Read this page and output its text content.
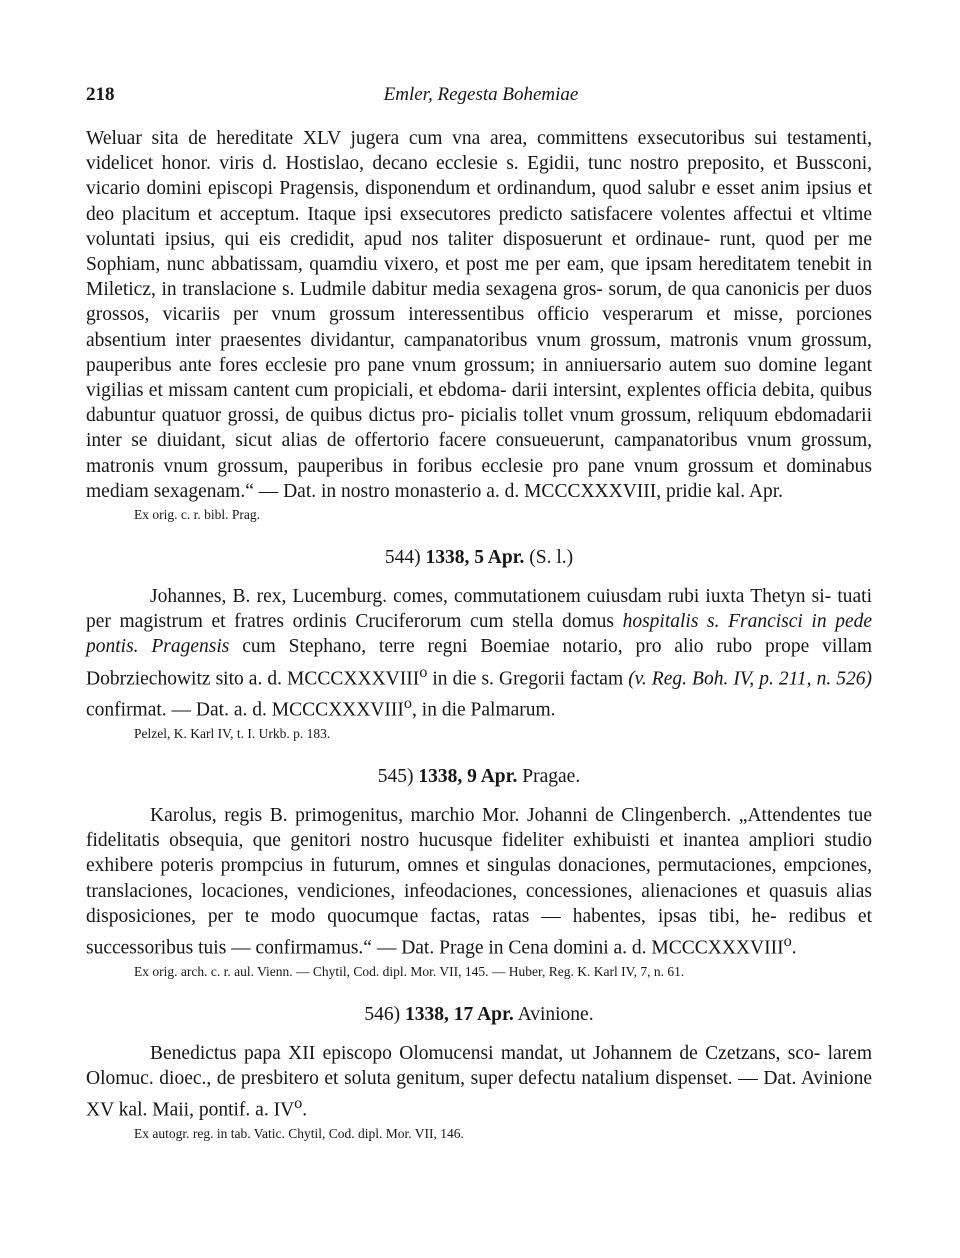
218	Emler, Regesta Bohemiae

Weluar sita de hereditate XLV jugera cum vna area, committens exsecutoribus sui testamenti, videlicet honor. viris d. Hostislao, decano ecclesie s. Egidii, tunc nostro preposito, et Bussconi, vicario domini episcopi Pragensis, disponendum et ordinandum, quod salubr e esset anim ipsius et deo placitum et acceptum. Itaque ipsi exsecutores predicto satisfacere volentes affectui et vltime voluntati ipsius, qui eis credidit, apud nos taliter disposuerunt et ordinaue- runt, quod per me Sophiam, nunc abbatissam, quamdiu vixero, et post me per eam, que ipsam hereditatem tenebit in Mileticz, in translacione s. Ludmile dabitur media sexagena gros- sorum, de qua canonicis per duos grossos, vicariis per vnum grossum interessentibus officio vesperarum et misse, porciones absentium inter praesentes dividantur, campanatoribus vnum grossum, matronis vnum grossum, pauperibus ante fores ecclesie pro pane vnum grossum; in anniuersario autem suo domine legant vigilias et missam cantent cum propiciali, et ebdoma- darii intersint, explentes officia debita, quibus dabuntur quatuor grossi, de quibus dictus pro- picialis tollet vnum grossum, reliquum ebdomadarii inter se diuidant, sicut alias de offertorio facere consueuerunt, campanatoribus vnum grossum, matronis vnum grossum, pauperibus in foribus ecclesie pro pane vnum grossum et dominabus mediam sexagenam.“ — Dat. in nostro monasterio a. d. MCCCXXXVIII, pridie kal. Apr.

Ex orig. c. r. bibl. Prag.
544) 1338, 5 Apr. (S. l.)

Johannes, B. rex, Lucemburg. comes, commutationem cuiusdam rubi iuxta Thetyn si- tuati per magistrum et fratres ordinis Cruciferorum cum stella domus hospitalis s. Francisci in pede pontis. Pragensis cum Stephano, terre regni Boemiae notario, pro alio rubo prope villam Dobrziechowitz sito a. d. MCCCXXXVIII$^o$ in die s. Gregorii factam (v. Reg. Boh. IV, p. 211, n. 526) confirmat. — Dat. a. d. MCCCXXXVIII$^o$, in die Palmarum.

Pelzel, K. Karl IV, t. I. Urkb. p. 183.
545) 1338, 9 Apr. Pragae.

Karolus, regis B. primogenitus, marchio Mor. Johanni de Clingenberch. „Attendentes tue fidelitatis obsequia, que genitori nostro hucusque fideliter exhibuisti et inantea ampliori studio exhibere poteris prompcius in futurum, omnes et singulas donaciones, permutaciones, empciones, translaciones, locaciones, vendiciones, infeodaciones, concessiones, alienaciones et quasuis alias disposiciones, per te modo quocumque factas, ratas — habentes, ipsas tibi, he- redibus et successoribus tuis — confirmamus.“ — Dat. Prage in Cena domini a. d. MCCCXXXVIII$^o$.

Ex orig. arch. c. r. aul. Vienn. — Chytil, Cod. dipl. Mor. VII, 145. — Huber, Reg. K. Karl IV, 7, n. 61.
546) 1338, 17 Apr. Avinione.

Benedictus papa XII episcopo Olomucensi mandat, ut Johannem de Czetzans, sco- larem Olomuc. dioec., de presbitero et soluta genitum, super defectu natalium dispenset. — Dat. Avinione XV kal. Maii, pontif. a. $IV^o$.

Ex autogr. reg. in tab. Vatic. Chytil, Cod. dipl. Mor. VII, 146.
